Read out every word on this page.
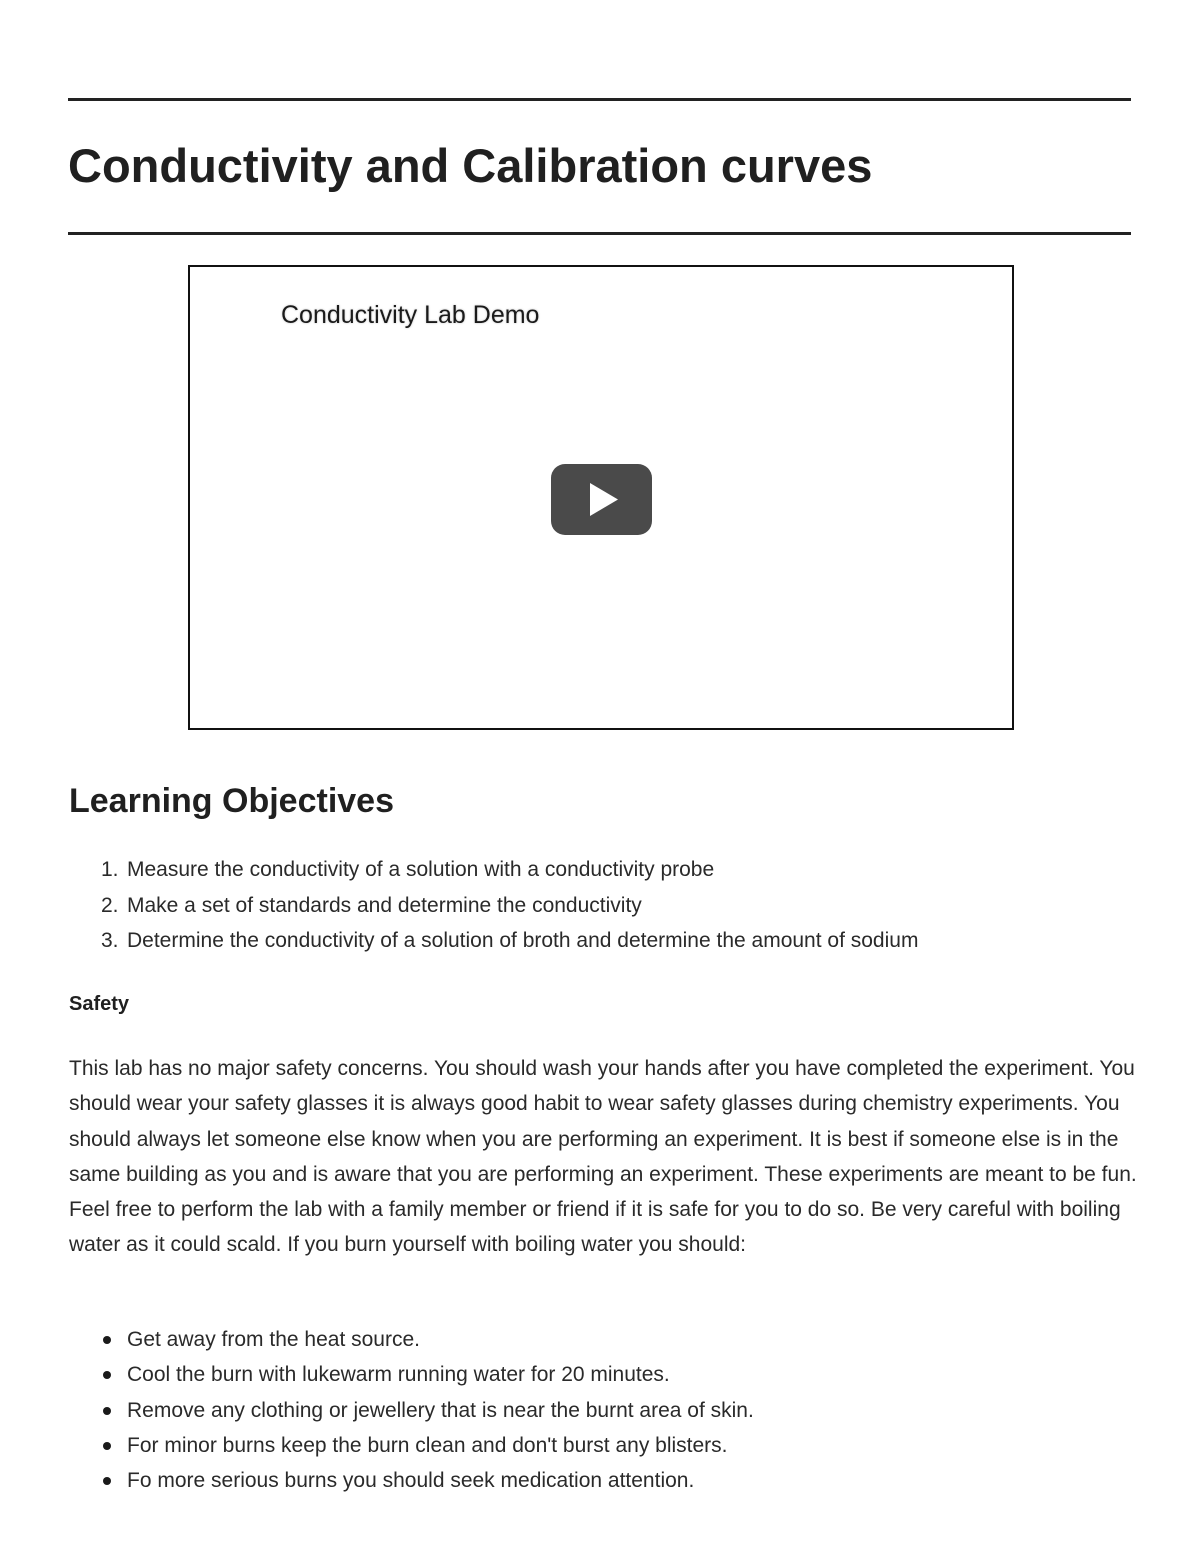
Conductivity and Calibration curves
Conductivity Lab Demo
Learning Objectives
1. Measure the conductivity of a solution with a conductivity probe
2. Make a set of standards and determine the conductivity
3. Determine the conductivity of a solution of broth and determine the amount of sodium
Safety

This lab has no major safety concerns. You should wash your hands after you have completed the experiment. You should wear your safety glasses it is always good habit to wear safety glasses during chemistry experiments. You should always let someone else know when you are performing an experiment. It is best if someone else is in the same building as you and is aware that you are performing an experiment. These experiments are meant to be fun. Feel free to perform the lab with a family member or friend if it is safe for you to do so. Be very careful with boiling water as it could scald. If you burn yourself with boiling water you should:

Get away from the heat source.
Cool the burn with lukewarm running water for 20 minutes.
Remove any clothing or jewellery that is near the burnt area of skin.
For minor burns keep the burn clean and don't burst any blisters.
Fo more serious burns you should seek medication attention.
